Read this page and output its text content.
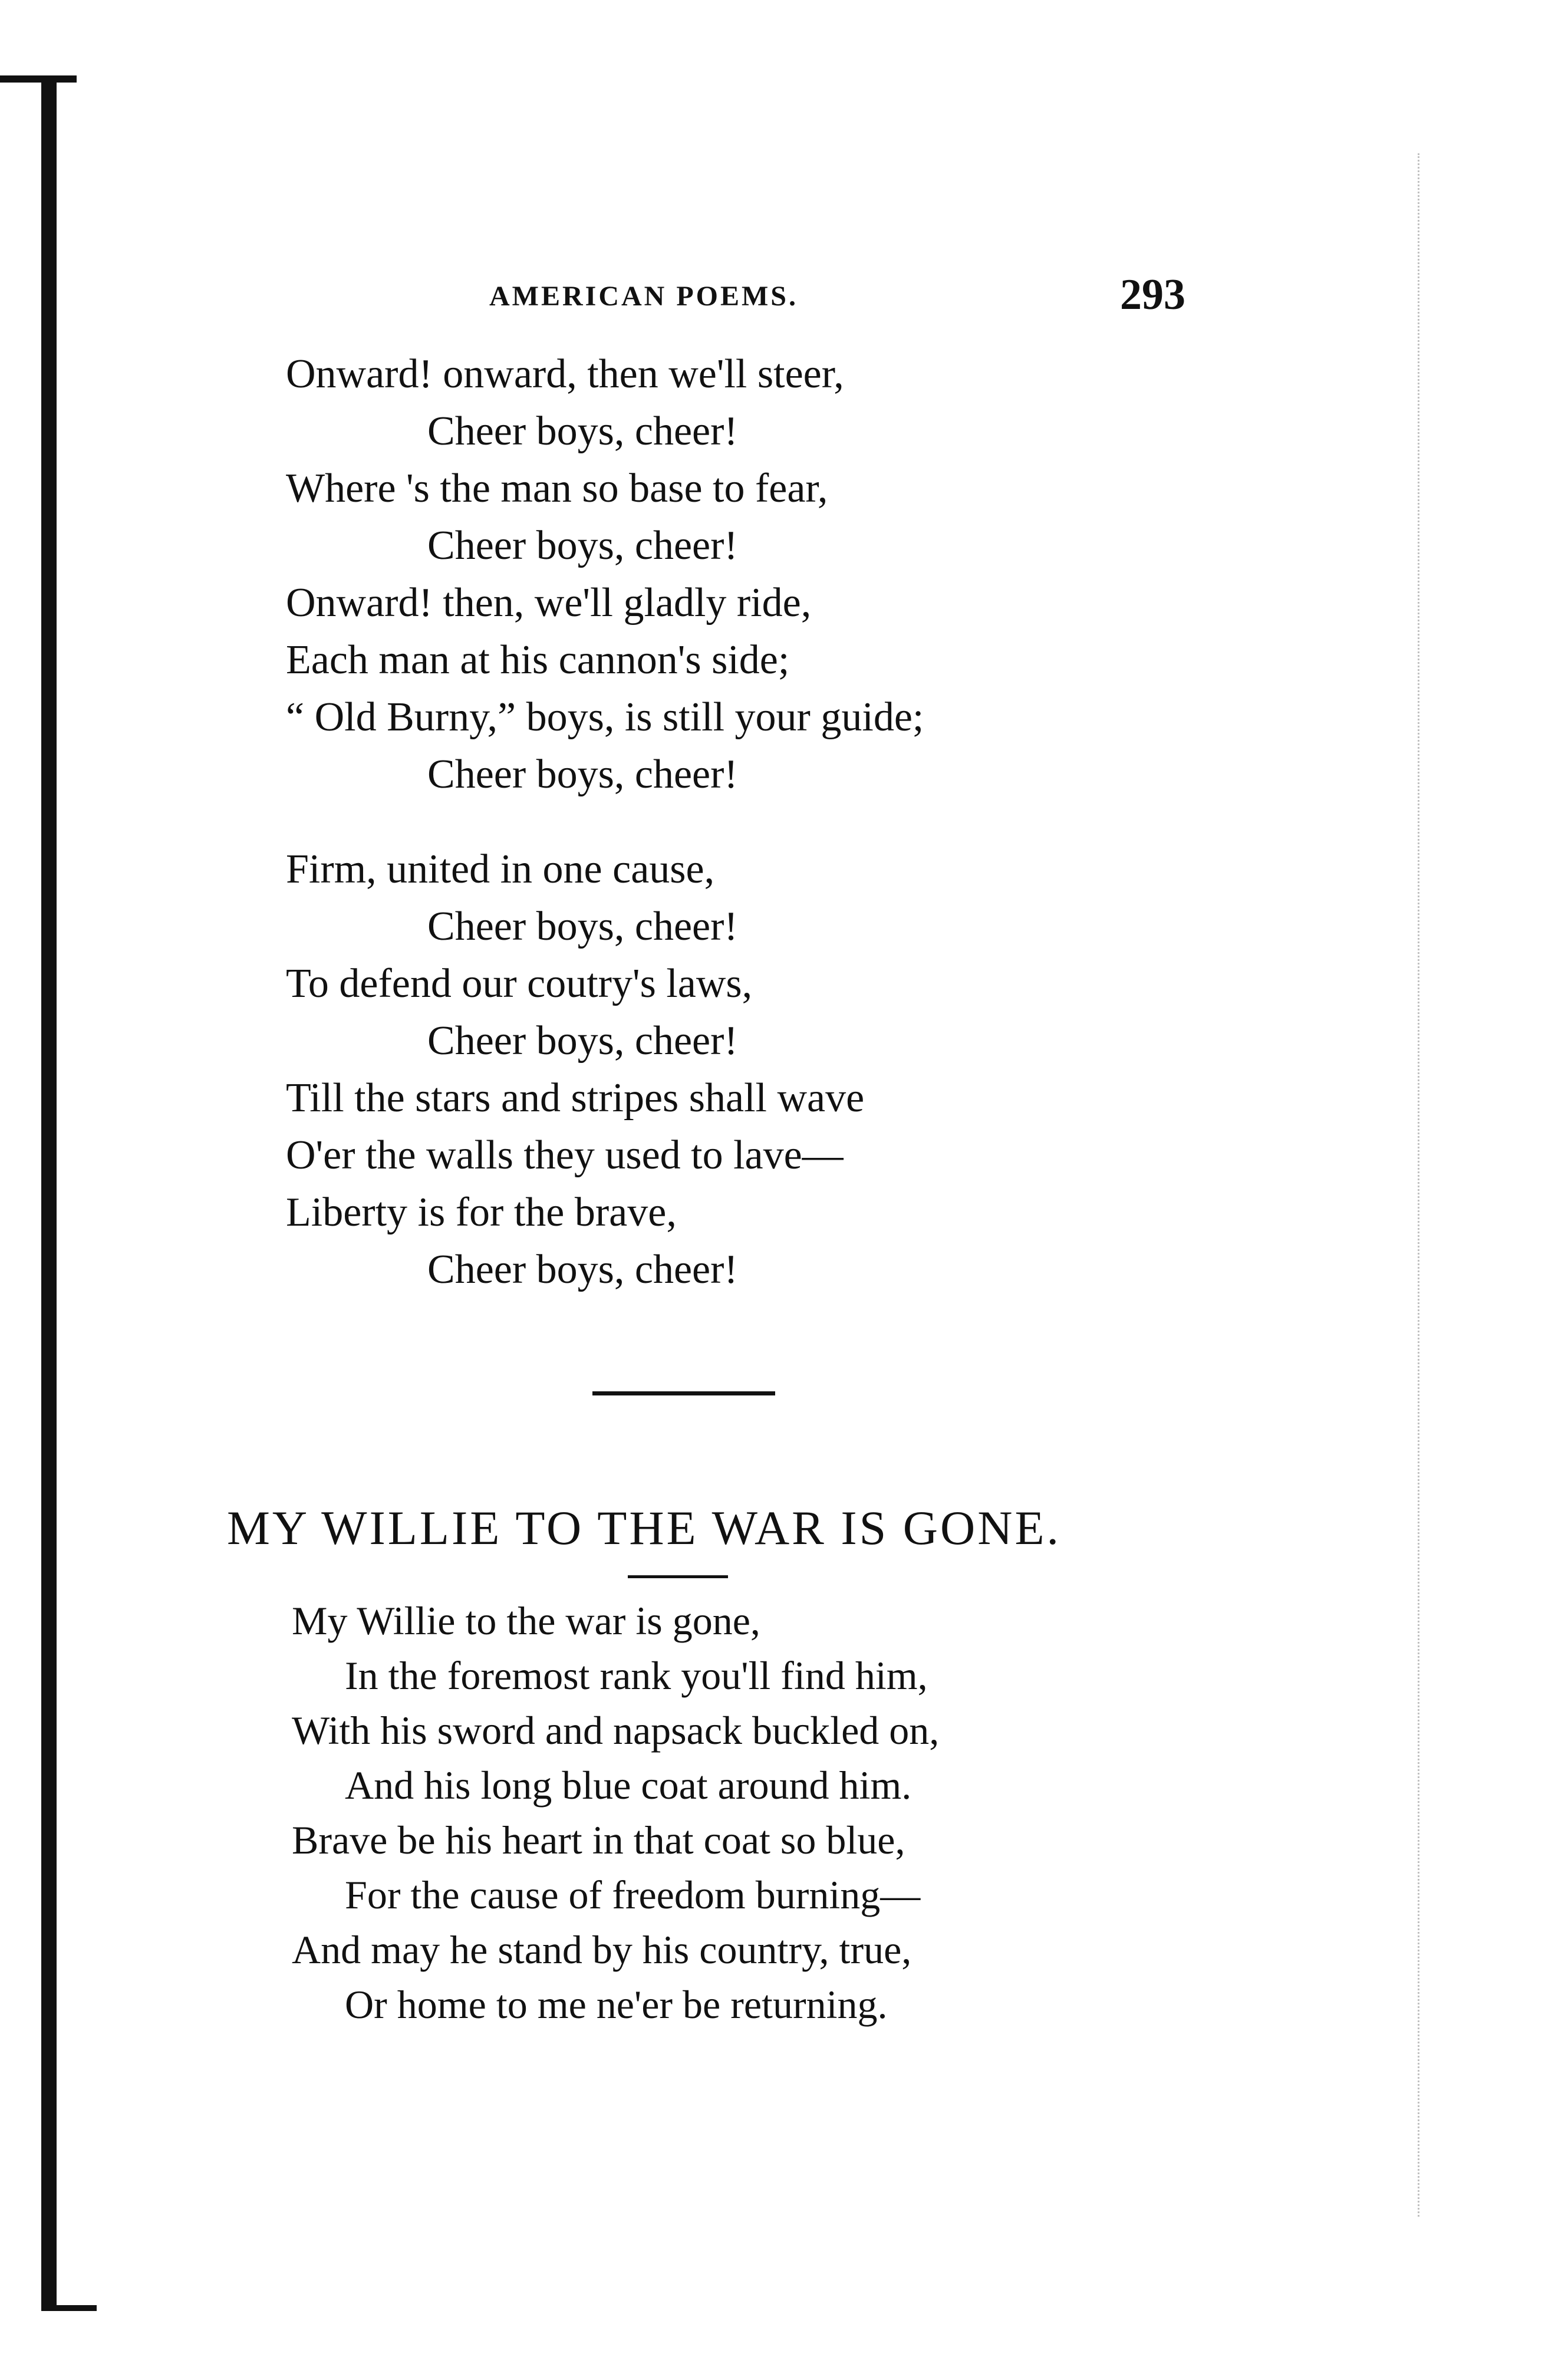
AMERICAN POEMS.	293
Onward! onward, then we'll steer,
Cheer boys, cheer!
Where 's the man so base to fear,
Cheer boys, cheer!
Onward! then, we'll gladly ride,
Each man at his cannon's side;
“ Old Burny,” boys, is still your guide;
Cheer boys, cheer!
Firm, united in one cause,
Cheer boys, cheer!
To defend our coutry's laws,
Cheer boys, cheer!
Till the stars and stripes shall wave
O'er the walls they used to lave—
Liberty is for the brave,
Cheer boys, cheer!
MY WILLIE TO THE WAR IS GONE.
My Willie to the war is gone,
In the foremost rank you'll find him,
With his sword and napsack buckled on,
And his long blue coat around him.
Brave be his heart in that coat so blue,
For the cause of freedom burning—
And may he stand by his country, true,
Or home to me ne'er be returning.
